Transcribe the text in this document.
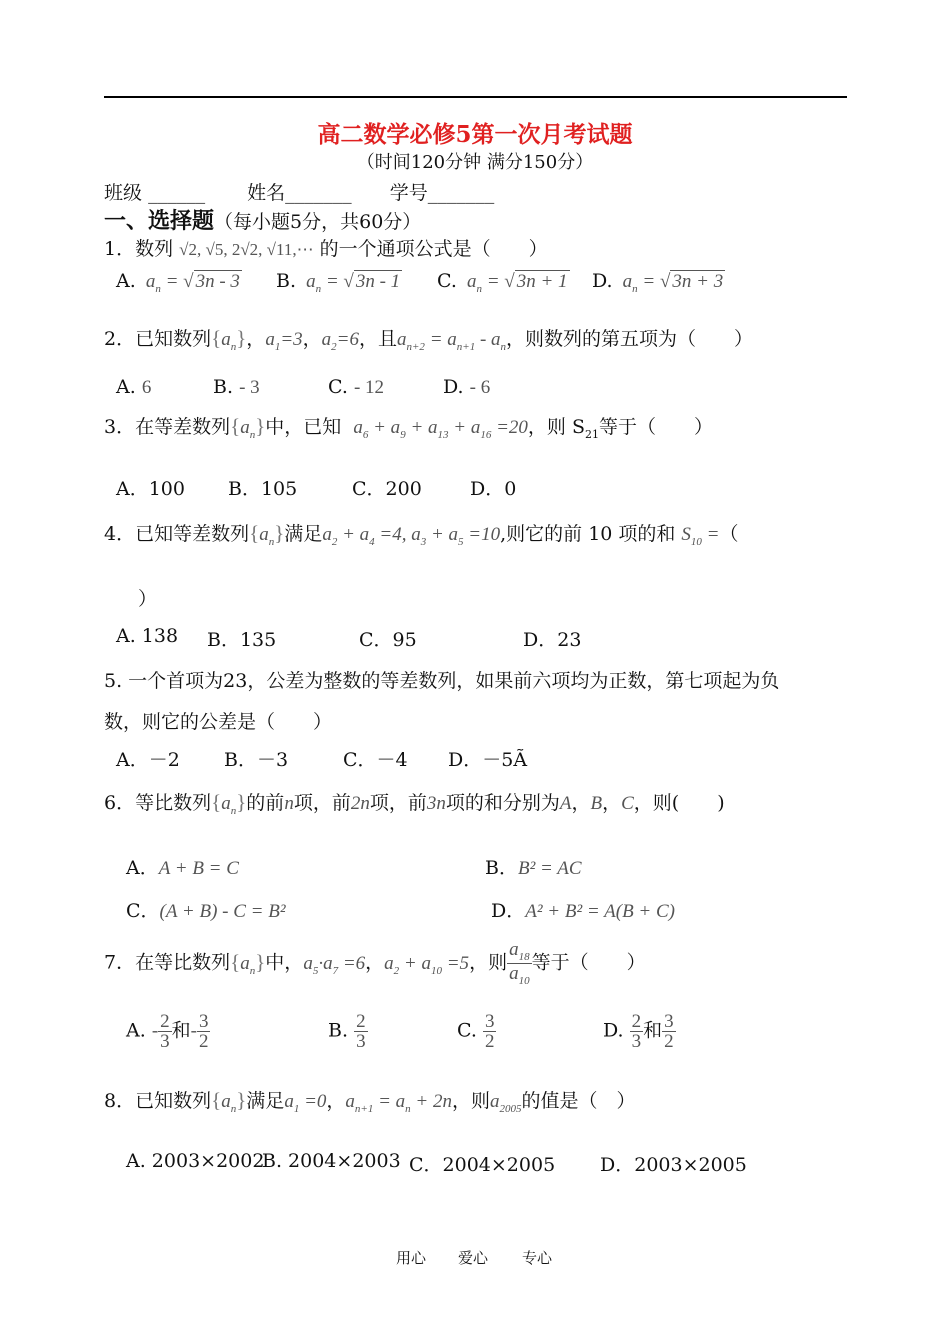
高二数学必修5第一次月考试题
（时间120分钟 满分150分）
班级 ______ 姓名_______ 学号_______
一、选择题（每小题5分，共60分）
1．数列 √2, √5, 2√2, √11,⋯ 的一个通项公式是（　　）
A. $a_n$ = √ 3n - 3 B. $a_n$ = √ 3n - 1 C. $a_n$ = √ 3n + 1 D. $a_n$ = √ 3n + 3
2．已知数列$\{a_n\}$，$a_1=3$，$a_2=6$，且$a_{n+2} = a_{n+1} - a_n$，则数列的第五项为（　　）
A. 6	B. - 3	C. - 12	D. - 6
3．在等差数列$\{a_n\}$中，已知 $a_6 + a_9 + a_{13} + a_{16} =20$，则 $S_{21}$等于（　　）
A．100 B．105	C．200	D．0
4．已知等差数列$\{a_n\}$满足$a_2 + a_4 =4$, $a_3 + a_5 =10$,则它的前 10 项的和 $S_{10}$ =（
）
A. 138 B．135	C．95	D．23
5. 一个首项为23，公差为整数的等差数列，如果前六项均为正数，第七项起为负
数，则它的公差是（　　）
A．－2 B．－3	C．－4 D．－5Ã
6．等比数列$\{a_n\}$的前n项，前2n项，前3n项的和分别为A，B，C，则(　　)
A．A + B = C	B．B² = AC
C．(A + B) - C = B²	D．A² + B² = A(B + C)
7．在等比数列$\{a_n\}$中，$a_5\cdot a_7 =6$，$a_2 + a_{10} =5$，则 $\frac{a_{18}}{a_{10}}$ 等于（　　）
A. - $\frac{2}{3}$ 和- $\frac{3}{2}$	B. $\frac{2}{3}$	C. $\frac{3}{2}$	D. $\frac{2}{3}$ 和 $\frac{3}{2}$
8．已知数列$\{a_n\}$满足$a_1 =0$，$a_{n+1} = a_n + 2n$，则$a_{2005}$的值是（　）
A. 2003×2002
B. 2004×2003 C．2004×2005 D．2003×2005
用心 爱心 专心
